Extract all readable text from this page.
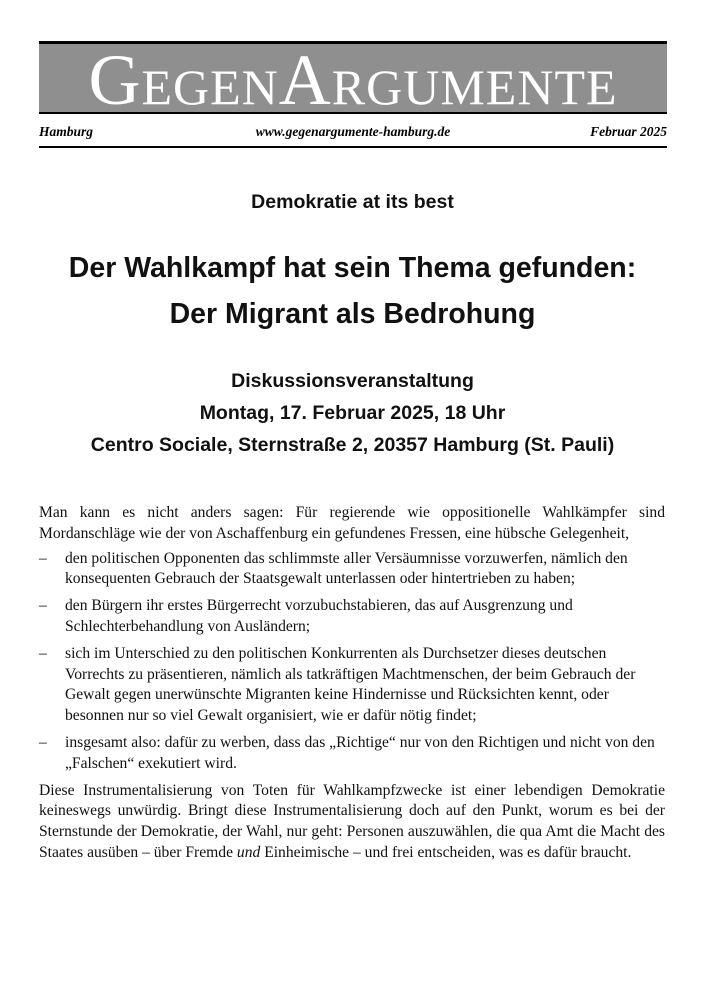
GEGENARGUMENTE
Hamburg	www.gegenargumente-hamburg.de	Februar 2025
Demokratie at its best
Der Wahlkampf hat sein Thema gefunden:
Der Migrant als Bedrohung
Diskussionsveranstaltung
Montag, 17. Februar 2025, 18 Uhr
Centro Sociale, Sternstraße 2, 20357 Hamburg (St. Pauli)

Man kann es nicht anders sagen: Für regierende wie oppositionelle Wahlkämpfer sind Mordanschläge wie der von Aschaffenburg ein gefundenes Fressen, eine hübsche Gelegenheit,

– den politischen Opponenten das schlimmste aller Versäumnisse vorzuwerfen, nämlich den konsequenten Gebrauch der Staatsgewalt unterlassen oder hintertrieben zu haben;
– den Bürgern ihr erstes Bürgerrecht vorzubuchstabieren, das auf Ausgrenzung und Schlechterbehandlung von Ausländern;
– sich im Unterschied zu den politischen Konkurrenten als Durchsetzer dieses deutschen Vorrechts zu präsentieren, nämlich als tatkräftigen Machtmenschen, der beim Gebrauch der Gewalt gegen unerwünschte Migranten keine Hindernisse und Rücksichten kennt, oder besonnen nur so viel Gewalt organisiert, wie er dafür nötig findet;
– insgesamt also: dafür zu werben, dass das „Richtige“ nur von den Richtigen und nicht von den „Falschen“ exekutiert wird.

Diese Instrumentalisierung von Toten für Wahlkampfzwecke ist einer lebendigen Demokratie keineswegs unwürdig. Bringt diese Instrumentalisierung doch auf den Punkt, worum es bei der Sternstunde der Demokratie, der Wahl, nur geht: Personen auszuwählen, die qua Amt die Macht des Staates ausüben – über Fremde und Einheimische – und frei entscheiden, was es dafür braucht.
